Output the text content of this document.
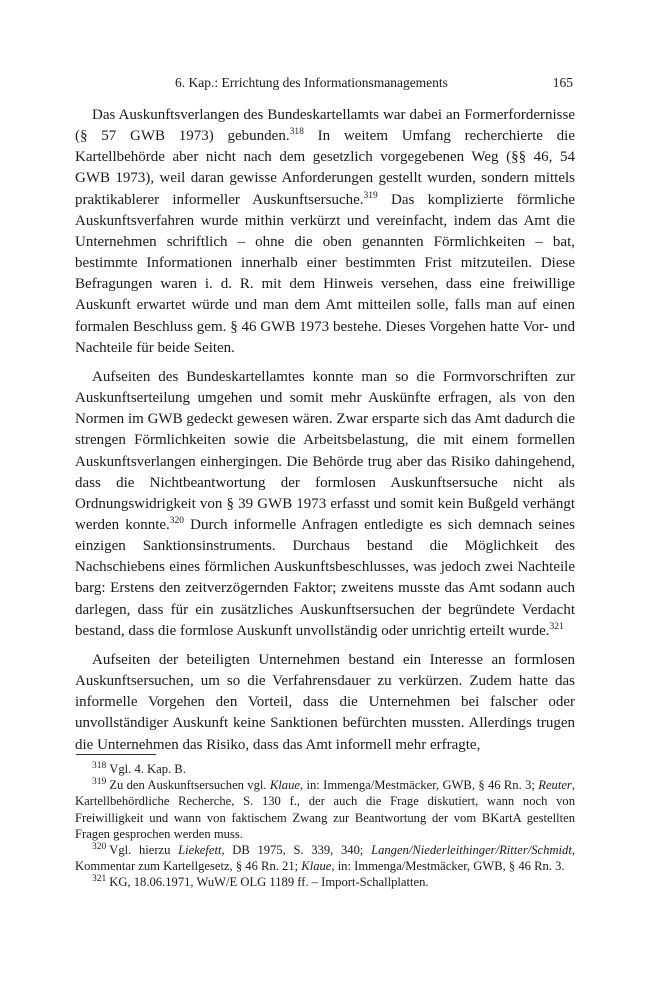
6. Kap.: Errichtung des Informationsmanagements	165

Das Auskunftsverlangen des Bundeskartellamts war dabei an Formerfordernisse (§ 57 GWB 1973) gebunden.$^{318}$ In weitem Umfang recherchierte die Kartellbehörde aber nicht nach dem gesetzlich vorgegebenen Weg (§§ 46, 54 GWB 1973), weil daran gewisse Anforderungen gestellt wurden, sondern mittels praktikablerer informeller Auskunftsersuche.$^{319}$ Das komplizierte förmliche Auskunftsverfahren wurde mithin verkürzt und vereinfacht, indem das Amt die Unternehmen schriftlich – ohne die oben genannten Förmlichkeiten – bat, bestimmte Informationen innerhalb einer bestimmten Frist mitzuteilen. Diese Befragungen waren i. d. R. mit dem Hinweis versehen, dass eine freiwillige Auskunft erwartet würde und man dem Amt mitteilen solle, falls man auf einen formalen Beschluss gem. § 46 GWB 1973 bestehe. Dieses Vorgehen hatte Vor- und Nachteile für beide Seiten.

Aufseiten des Bundeskartellamtes konnte man so die Formvorschriften zur Auskunftserteilung umgehen und somit mehr Auskünfte erfragen, als von den Normen im GWB gedeckt gewesen wären. Zwar ersparte sich das Amt dadurch die strengen Förmlichkeiten sowie die Arbeitsbelastung, die mit einem formellen Auskunftsverlangen einhergingen. Die Behörde trug aber das Risiko dahingehend, dass die Nichtbeantwortung der formlosen Auskunftsersuche nicht als Ordnungswidrigkeit von § 39 GWB 1973 erfasst und somit kein Bußgeld verhängt werden konnte.$^{320}$ Durch informelle Anfragen entledigte es sich demnach seines einzigen Sanktionsinstruments. Durchaus bestand die Möglichkeit des Nachschiebens eines förmlichen Auskunftsbeschlusses, was jedoch zwei Nachteile barg: Erstens den zeitverzögernden Faktor; zweitens musste das Amt sodann auch darlegen, dass für ein zusätzliches Auskunftsersuchen der begründete Verdacht bestand, dass die formlose Auskunft unvollständig oder unrichtig erteilt wurde.$^{321}$

Aufseiten der beteiligten Unternehmen bestand ein Interesse an formlosen Auskunftsersuchen, um so die Verfahrensdauer zu verkürzen. Zudem hatte das informelle Vorgehen den Vorteil, dass die Unternehmen bei falscher oder unvollständiger Auskunft keine Sanktionen befürchten mussten. Allerdings trugen die Unternehmen das Risiko, dass das Amt informell mehr erfragte,

$^{318}$ Vgl. 4. Kap. B.

$^{319}$ Zu den Auskunftsersuchen vgl. Klaue, in: Immenga/Mestmäcker, GWB, § 46 Rn. 3; Reuter, Kartellbehördliche Recherche, S. 130 f., der auch die Frage diskutiert, wann noch von Freiwilligkeit und wann von faktischem Zwang zur Beantwortung der vom BKartA gestellten Fragen gesprochen werden muss.

$^{320}$ Vgl. hierzu Liekefett, DB 1975, S. 339, 340; Langen/Niederleithinger/Ritter/Schmidt, Kommentar zum Kartellgesetz, § 46 Rn. 21; Klaue, in: Immenga/Mestmäcker, GWB, § 46 Rn. 3.

$^{321}$ KG, 18.06.1971, WuW/E OLG 1189 ff. – Import-Schallplatten.
